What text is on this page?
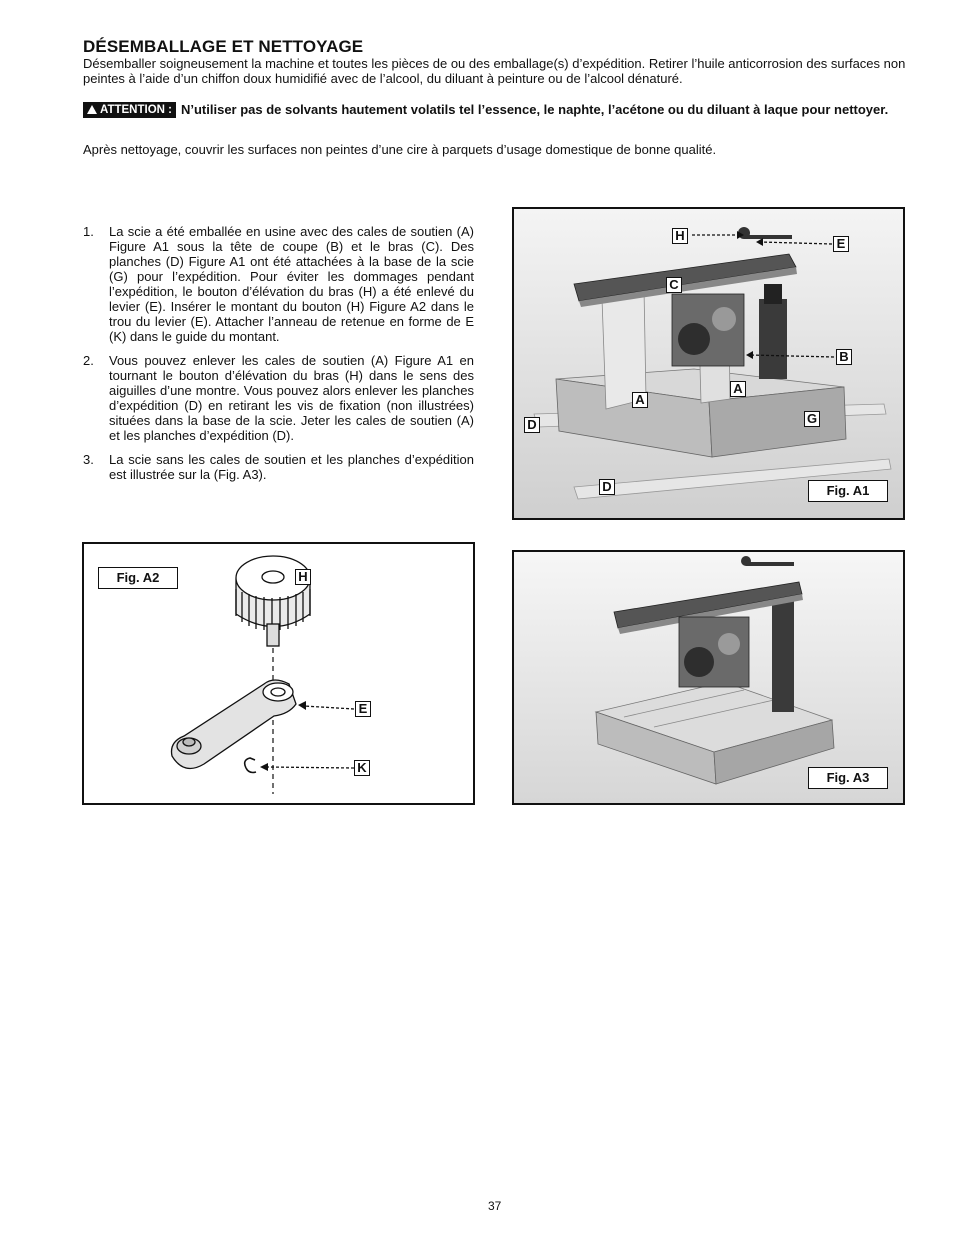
DÉSEMBALLAGE ET NETTOYAGE
Désemballer soigneusement la machine et toutes les pièces de ou des emballage(s) d’expédition. Retirer l’huile anticorrosion des surfaces non peintes à l’aide d’un chiffon doux humidifié avec de l’alcool, du diluant à peinture ou de l’alcool dénaturé.
ATTENTION : N’utiliser pas de solvants hautement volatils tel l’essence, le naphte, l’acétone ou du diluant à laque pour nettoyer.
Après nettoyage, couvrir les surfaces non peintes d’une cire à parquets d’usage domestique de bonne qualité.
1. La scie a été emballée en usine avec des cales de soutien (A) Figure A1 sous la tête de coupe (B) et le bras (C). Des planches (D) Figure A1 ont été attachées à la base de la scie (G) pour l’expédition. Pour éviter les dommages pendant l’expédition, le bouton d’élévation du bras (H) a été enlevé du levier (E). Insérer le montant du bouton (H) Figure A2 dans le trou du levier (E). Attacher l’anneau de retenue en forme de E (K) dans le guide du montant.
2. Vous pouvez enlever les cales de soutien (A) Figure A1 en tournant le bouton d’élévation du bras (H) dans le sens des aiguilles d’une montre. Vous pouvez alors enlever les planches d’expédition (D) en retirant les vis de fixation (non illustrées) situées dans la base de la scie. Jeter les cales de soutien (A) et les planches d’expédition (D).
3. La scie sans les cales de soutien et les planches d’expédition est illustrée sur la (Fig. A3).
H
E
C
B
A
A
D	G
D	Fig. A1
Fig. A2	H
E
K
Fig. A3
37
